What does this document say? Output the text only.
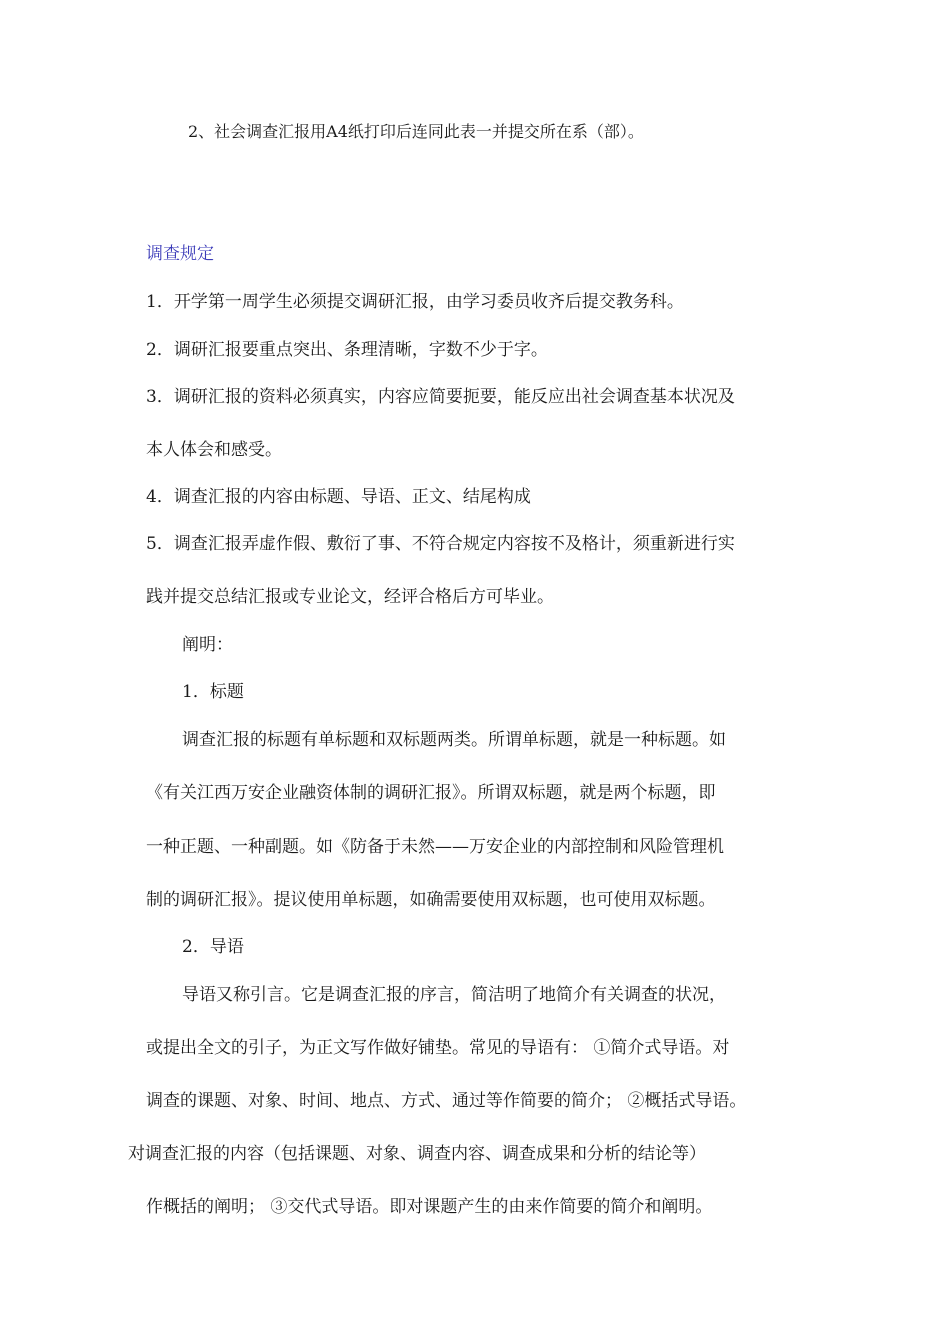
2、社会调查汇报用A4纸打印后连同此表一并提交所在系（部）。
调查规定
1．开学第一周学生必须提交调研汇报，由学习委员收齐后提交教务科。
2．调研汇报要重点突出、条理清晰，字数不少于字。
3．调研汇报的资料必须真实，内容应简要扼要，能反应出社会调查基本状况及
本人体会和感受。
4．调查汇报的内容由标题、导语、正文、结尾构成
5．调查汇报弄虚作假、敷衍了事、不符合规定内容按不及格计，须重新进行实
践并提交总结汇报或专业论文，经评合格后方可毕业。
阐明：
1．标题
调查汇报的标题有单标题和双标题两类。所谓单标题，就是一种标题。如
《有关江西万安企业融资体制的调研汇报》。所谓双标题，就是两个标题，即
一种正题、一种副题。如《防备于未然——万安企业的内部控制和风险管理机
制的调研汇报》。提议使用单标题，如确需要使用双标题，也可使用双标题。
2．导语
导语又称引言。它是调查汇报的序言，简洁明了地简介有关调查的状况，
或提出全文的引子，为正文写作做好铺垫。常见的导语有： ①简介式导语。对
调查的课题、对象、时间、地点、方式、通过等作简要的简介； ②概括式导语。
对调查汇报的内容（包括课题、对象、调查内容、调查成果和分析的结论等）
作概括的阐明； ③交代式导语。即对课题产生的由来作简要的简介和阐明。
